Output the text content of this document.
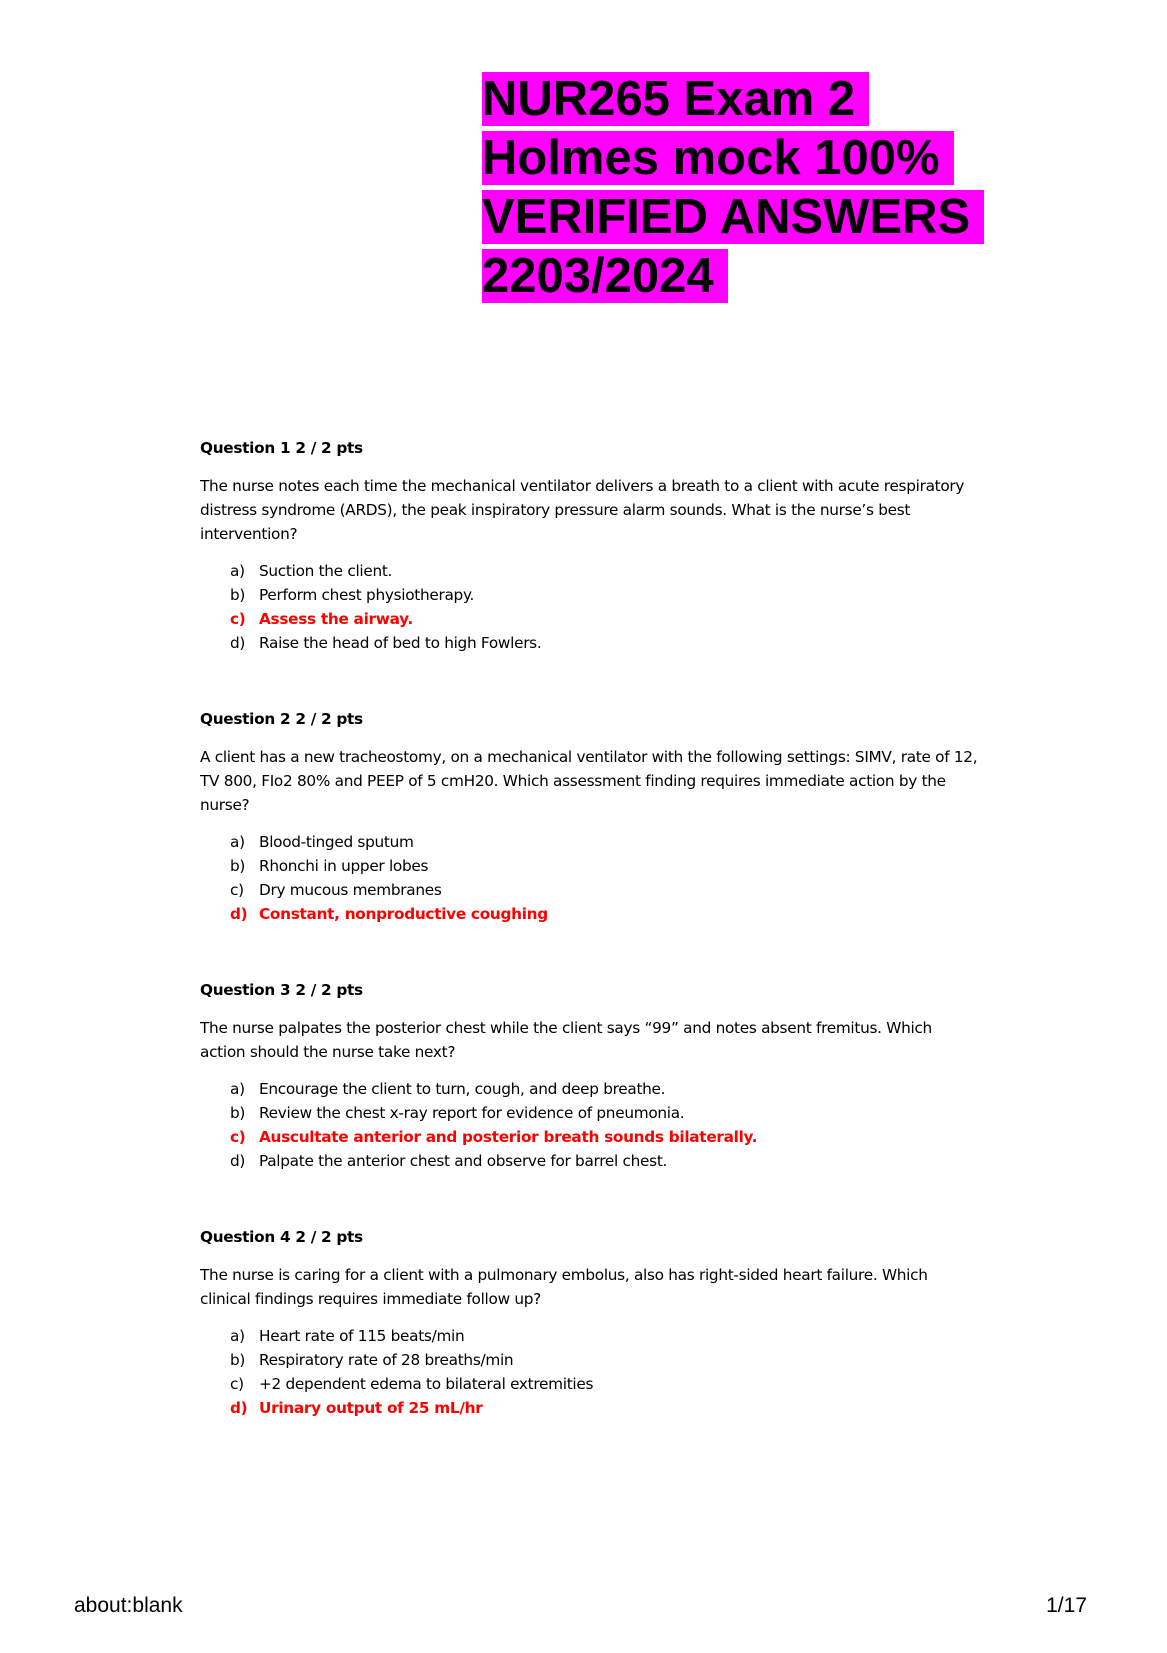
NUR265 Exam 2
Holmes mock 100%
VERIFIED ANSWERS
2203/2024

Question 1 2 / 2 pts

The nurse notes each time the mechanical ventilator delivers a breath to a client with acute respiratory distress syndrome (ARDS), the peak inspiratory pressure alarm sounds. What is the nurse’s best intervention?

a) Suction the client.
b) Perform chest physiotherapy.
c) Assess the airway.
d) Raise the head of bed to high Fowlers.

Question 2 2 / 2 pts

A client has a new tracheostomy, on a mechanical ventilator with the following settings: SIMV, rate of 12, TV 800, FIo2 80% and PEEP of 5 cmH20. Which assessment finding requires immediate action by the nurse?

a) Blood-tinged sputum
b) Rhonchi in upper lobes
c) Dry mucous membranes
d) Constant, nonproductive coughing

Question 3 2 / 2 pts

The nurse palpates the posterior chest while the client says “99” and notes absent fremitus. Which action should the nurse take next?

a) Encourage the client to turn, cough, and deep breathe.
b) Review the chest x-ray report for evidence of pneumonia.
c) Auscultate anterior and posterior breath sounds bilaterally.
d) Palpate the anterior chest and observe for barrel chest.

Question 4 2 / 2 pts

The nurse is caring for a client with a pulmonary embolus, also has right-sided heart failure. Which clinical findings requires immediate follow up?

a) Heart rate of 115 beats/min
b) Respiratory rate of 28 breaths/min
c) +2 dependent edema to bilateral extremities
d) Urinary output of 25 mL/hr
about:blank	1/17
